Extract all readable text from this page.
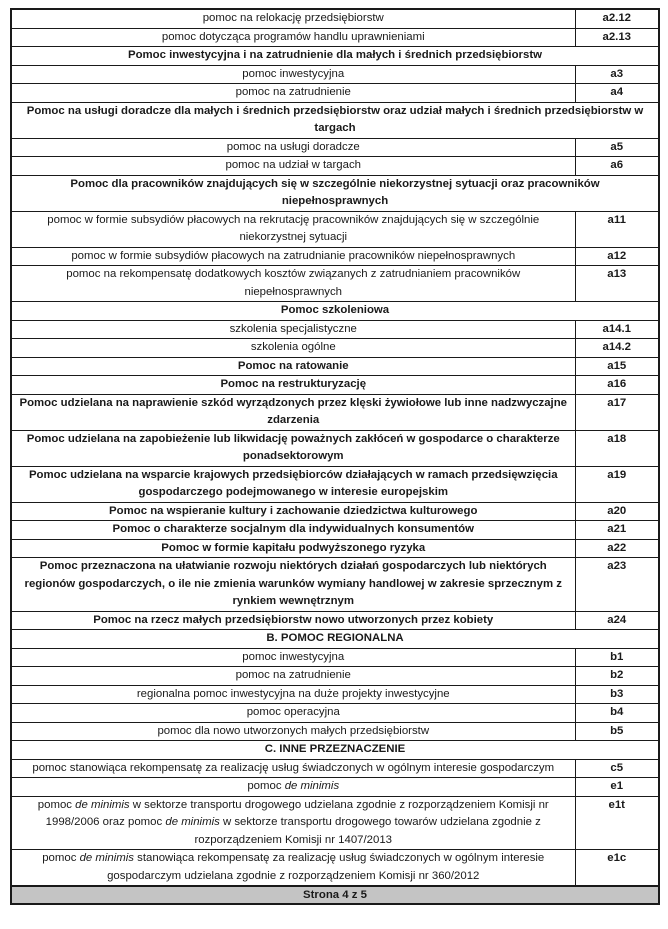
pomoc na relokację przedsiębiorstw	a2.12
pomoc dotycząca programów handlu uprawnieniami	a2.13
Pomoc inwestycyjna i na zatrudnienie dla małych i średnich przedsiębiorstw	
pomoc inwestycyjna	a3
pomoc na zatrudnienie	a4
Pomoc na usługi doradcze dla małych i średnich przedsiębiorstw oraz udział małych i średnich przedsiębiorstw w targach	
pomoc na usługi doradcze	a5
pomoc na udział w targach	a6
Pomoc dla pracowników znajdujących się w szczególnie niekorzystnej sytuacji oraz pracowników niepełnosprawnych	
pomoc w formie subsydiów płacowych na rekrutację pracowników znajdujących się w szczególnie niekorzystnej sytuacji	a11
pomoc w formie subsydiów płacowych na zatrudnianie pracowników niepełnosprawnych	a12
pomoc na rekompensatę dodatkowych kosztów związanych z zatrudnianiem pracowników niepełnosprawnych	a13
Pomoc szkoleniowa	
szkolenia specjalistyczne	a14.1
szkolenia ogólne	a14.2
Pomoc na ratowanie	a15
Pomoc na restrukturyzację	a16
Pomoc udzielana na naprawienie szkód wyrządzonych przez klęski żywiołowe lub inne nadzwyczajne zdarzenia	a17
Pomoc udzielana na zapobieżenie lub likwidację poważnych zakłóceń w gospodarce o charakterze ponadsektorowym	a18
Pomoc udzielana na wsparcie krajowych przedsiębiorców działających w ramach przedsięwzięcia gospodarczego podejmowanego w interesie europejskim	a19
Pomoc na wspieranie kultury i zachowanie dziedzictwa kulturowego	a20
Pomoc o charakterze socjalnym dla indywidualnych konsumentów	a21
Pomoc w formie kapitału podwyższonego ryzyka	a22
Pomoc przeznaczona na ułatwianie rozwoju niektórych działań gospodarczych lub niektórych regionów gospodarczych, o ile nie zmienia warunków wymiany handlowej w zakresie sprzecznym z rynkiem wewnętrznym	a23
Pomoc na rzecz małych przedsiębiorstw nowo utworzonych przez kobiety	a24
B. POMOC REGIONALNA	
pomoc inwestycyjna	b1
pomoc na zatrudnienie	b2
regionalna pomoc inwestycyjna na duże projekty inwestycyjne	b3
pomoc operacyjna	b4
pomoc dla nowo utworzonych małych przedsiębiorstw	b5
C. INNE PRZEZNACZENIE	
pomoc stanowiąca rekompensatę za realizację usług świadczonych w ogólnym interesie gospodarczym	c5
pomoc de minimis	e1
pomoc de minimis w sektorze transportu drogowego udzielana zgodnie z rozporządzeniem Komisji nr 1998/2006 oraz pomoc de minimis w sektorze transportu drogowego towarów udzielana zgodnie z rozporządzeniem Komisji nr 1407/2013	e1t
pomoc de minimis stanowiąca rekompensatę za realizację usług świadczonych w ogólnym interesie gospodarczym udzielana zgodnie z rozporządzeniem Komisji nr 360/2012	e1c
Strona 4 z 5	
